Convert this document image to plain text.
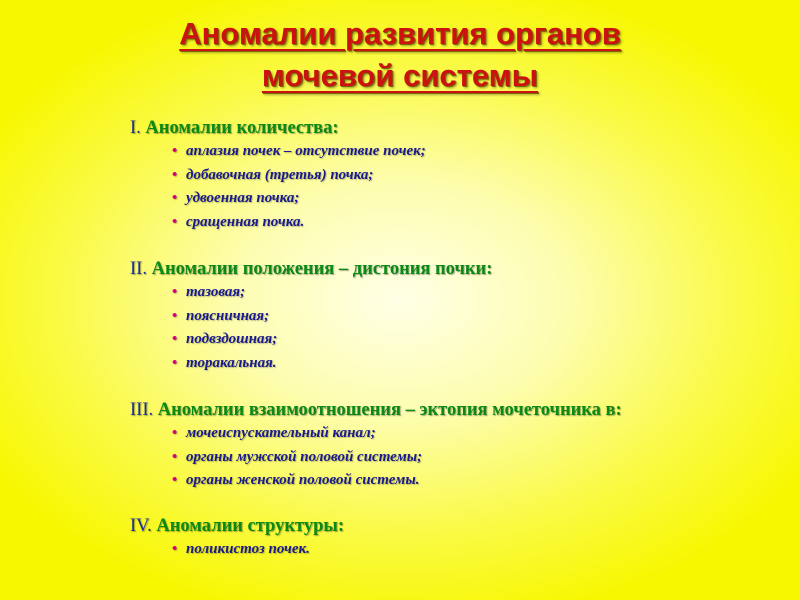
Аномалии развития органов
мочевой системы
I. Аномалии количества:
• аплазия почек – отсутствие почек;
• добавочная (третья) почка;
• удвоенная почка;
• сращенная почка.
II. Аномалии положения – дистония почки:
• тазовая;
• поясничная;
• подвздошная;
• торакальная.
III. Аномалии взаимоотношения – эктопия мочеточника в:
• мочеиспускательный канал;
• органы мужской половой системы;
• органы женской половой системы.
IV. Аномалии структуры:
• поликистоз почек.
